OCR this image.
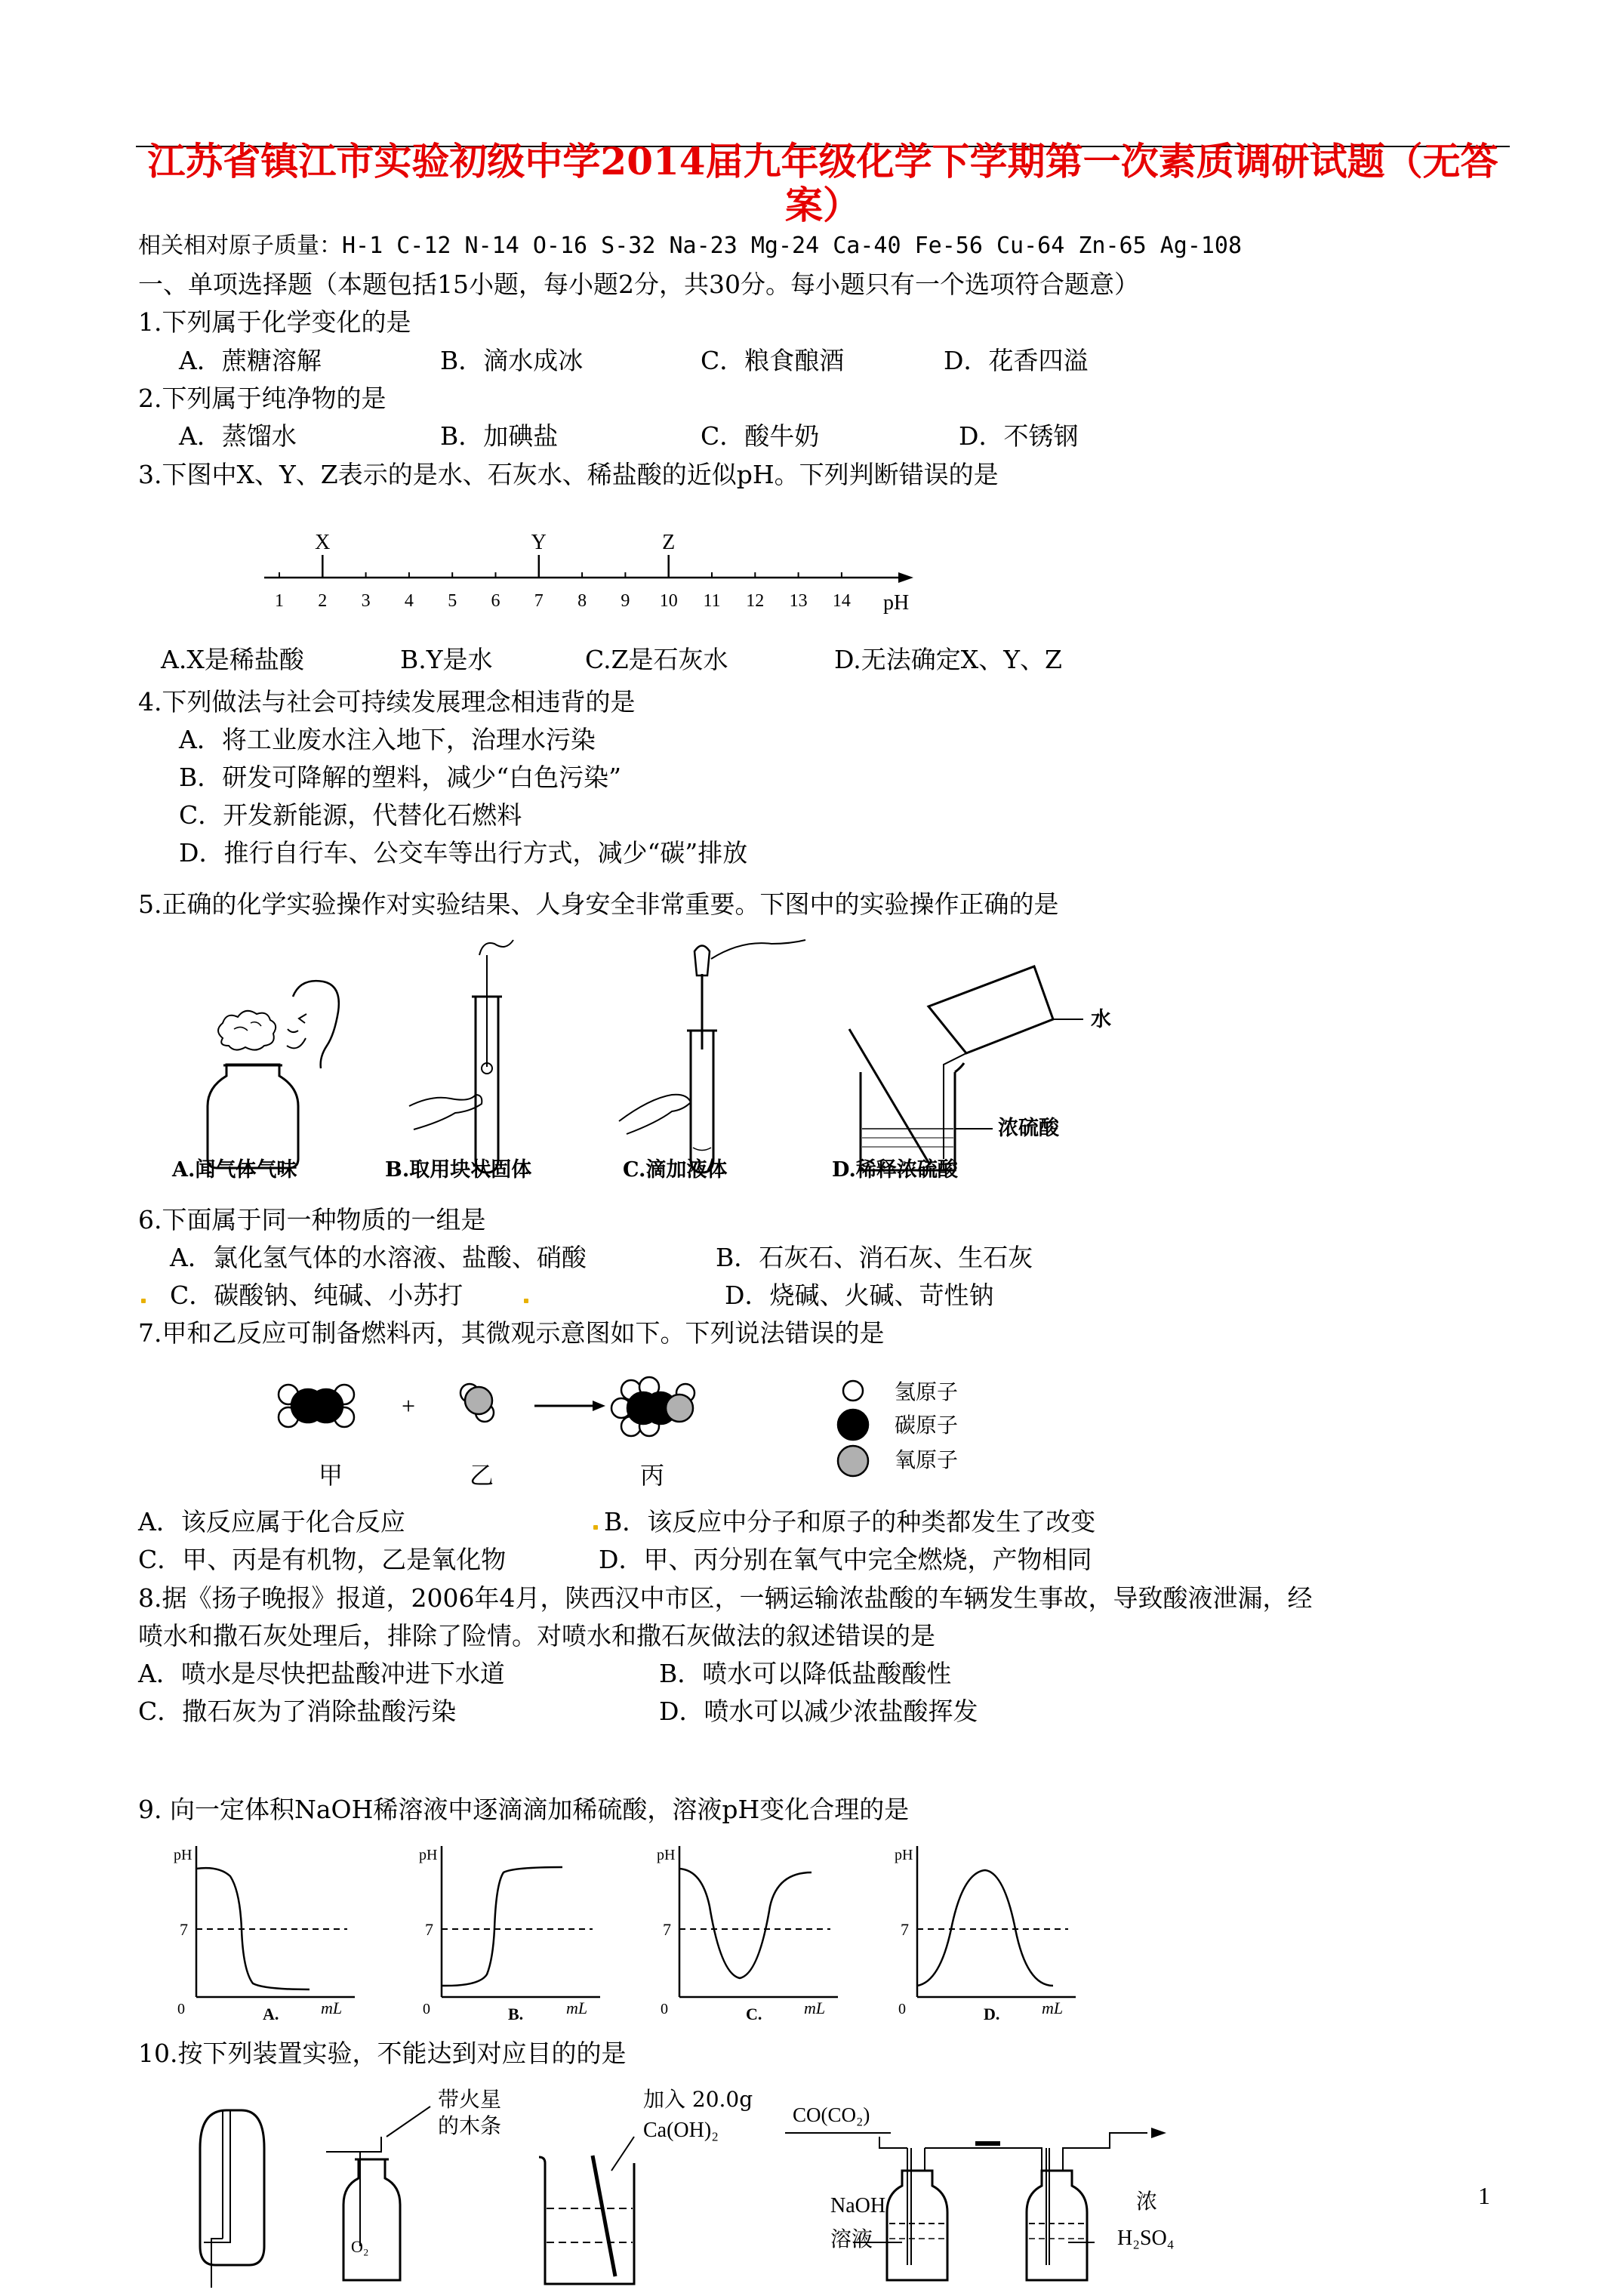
江苏省镇江市实验初级中学2014届九年级化学下学期第一次素质调研试题（无答案）
相关相对原子质量：H-1 C-12 N-14 O-16 S-32 Na-23 Mg-24 Ca-40 Fe-56 Cu-64 Zn-65 Ag-108
一、单项选择题（本题包括15小题，每小题2分，共30分。每小题只有一个选项符合题意）
1.下列属于化学变化的是
A．蔗糖溶解	B．滴水成冰	C．粮食酿酒	D．花香四溢
2.下列属于纯净物的是
A．蒸馏水	B．加碘盐	C．酸牛奶	D．不锈钢
3.下图中X、Y、Z表示的是水、石灰水、稀盐酸的近似pH。下列判断错误的是
1 2 3 4 5 6 7 8 9 10 11 12 13 14
X	Y	Z
pH
A.X是稀盐酸	B.Y是水	C.Z是石灰水	D.无法确定X、Y、Z
4.下列做法与社会可持续发展理念相违背的是
A．将工业废水注入地下，治理水污染
B．研发可降解的塑料，减少“白色污染”
C．开发新能源，代替化石燃料
D．推行自行车、公交车等出行方式，减少“碳”排放
5.正确的化学实验操作对实验结果、人身安全非常重要。下图中的实验操作正确的是
水
浓硫酸
A.闻气体气味	B.取用块状固体	C.滴加液体	D.稀释浓硫酸
6.下面属于同一种物质的一组是
A．氯化氢气体的水溶液、盐酸、硝酸	B．石灰石、消石灰、生石灰
C．碳酸钠、纯碱、小苏打	D．烧碱、火碱、苛性钠
7.甲和乙反应可制备燃料丙，其微观示意图如下。下列说法错误的是
+
甲	乙	丙
氢原子
碳原子
氧原子
A．该反应属于化合反应	B．该反应中分子和原子的种类都发生了改变
C．甲、丙是有机物，乙是氧化物	D．甲、丙分别在氧气中完全燃烧，产物相同
8.据《扬子晚报》报道，2006年4月，陕西汉中市区，一辆运输浓盐酸的车辆发生事故，导致酸液泄漏，经
喷水和撒石灰处理后，排除了险情。对喷水和撒石灰做法的叙述错误的是
A．喷水是尽快把盐酸冲进下水道	B．喷水可以降低盐酸酸性
C．撒石灰为了消除盐酸污染	D．喷水可以减少浓盐酸挥发
9. 向一定体积NaOH稀溶液中逐滴滴加稀硫酸，溶液pH变化合理的是
pH
7
0	mL
A.
pH
7
0	mL
B.
pH
7
0	mL
C.
pH
7
0	mL
D.
10.按下列装置实验，不能达到对应目的的是
O₂
带火星
的木条
加入 20.0g
Ca(OH)₂
CO(CO₂)
NaOH
溶液
浓
H₂SO₄
1
